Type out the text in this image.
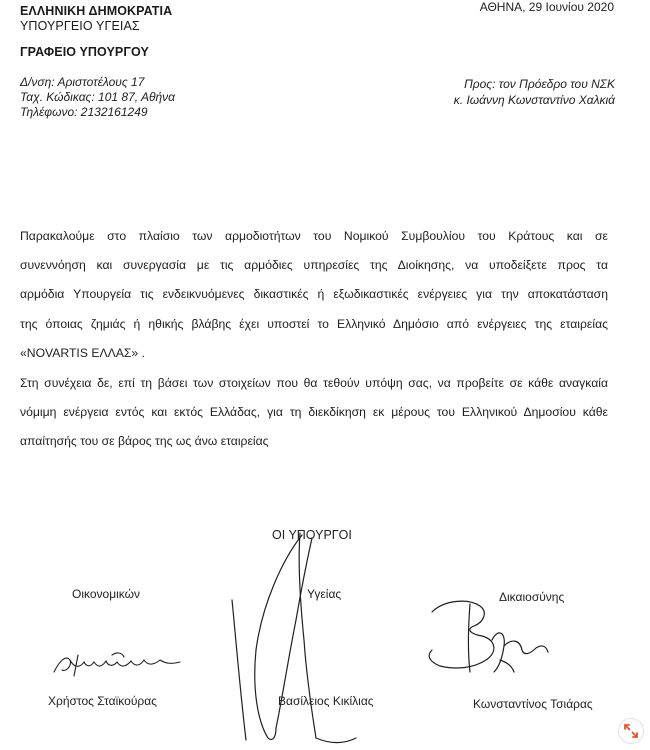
ΕΛΛΗΝΙΚΗ ΔΗΜΟΚΡΑΤΙΑ
ΥΠΟΥΡΓΕΙΟ ΥΓΕΙΑΣ
ΓΡΑΦΕΙΟ ΥΠΟΥΡΓΟΥ
Δ/νση: Αριστοτέλους 17
Ταχ. Κώδικας: 101 87, Αθήνα
Τηλέφωνο: 2132161249
ΑΘΗΝΑ, 29 Ιουνίου 2020
Προς: τον Πρόεδρο του ΝΣΚ
κ. Ιωάννη Κωνσταντίνο Χαλκιά
Παρακαλούμε στο πλαίσιο των αρμοδιοτήτων του Νομικού Συμβουλίου του Κράτους και σε
συνεννόηση και συνεργασία με τις αρμόδιες υπηρεσίες της Διοίκησης, να υποδείξετε προς τα
αρμόδια Υπουργεία τις ενδεικνυόμενες δικαστικές ή εξωδικαστικές ενέργειες για την αποκατάσταση
της όποιας ζημιάς ή ηθικής βλάβης έχει υποστεί το Ελληνικό Δημόσιο από ενέργειες της εταιρείας
«NOVARTIS ΕΛΛΑΣ» .
Στη συνέχεια δε, επί τη βάσει των στοιχείων που θα τεθούν υπόψη σας, να προβείτε σε κάθε αναγκαία
νόμιμη ενέργεια εντός και εκτός Ελλάδας, για τη διεκδίκηση εκ μέρους του Ελληνικού Δημοσίου κάθε
απαίτησής του σε βάρος της ως άνω εταιρείας
ΟΙ ΥΠΟΥΡΓΟΙ
Οικονομικών	Υγείας	Δικαιοσύνης
Χρήστος Σταϊκούρας	Βασίλειος Κικίλιας	Κωνσταντίνος Τσιάρας
